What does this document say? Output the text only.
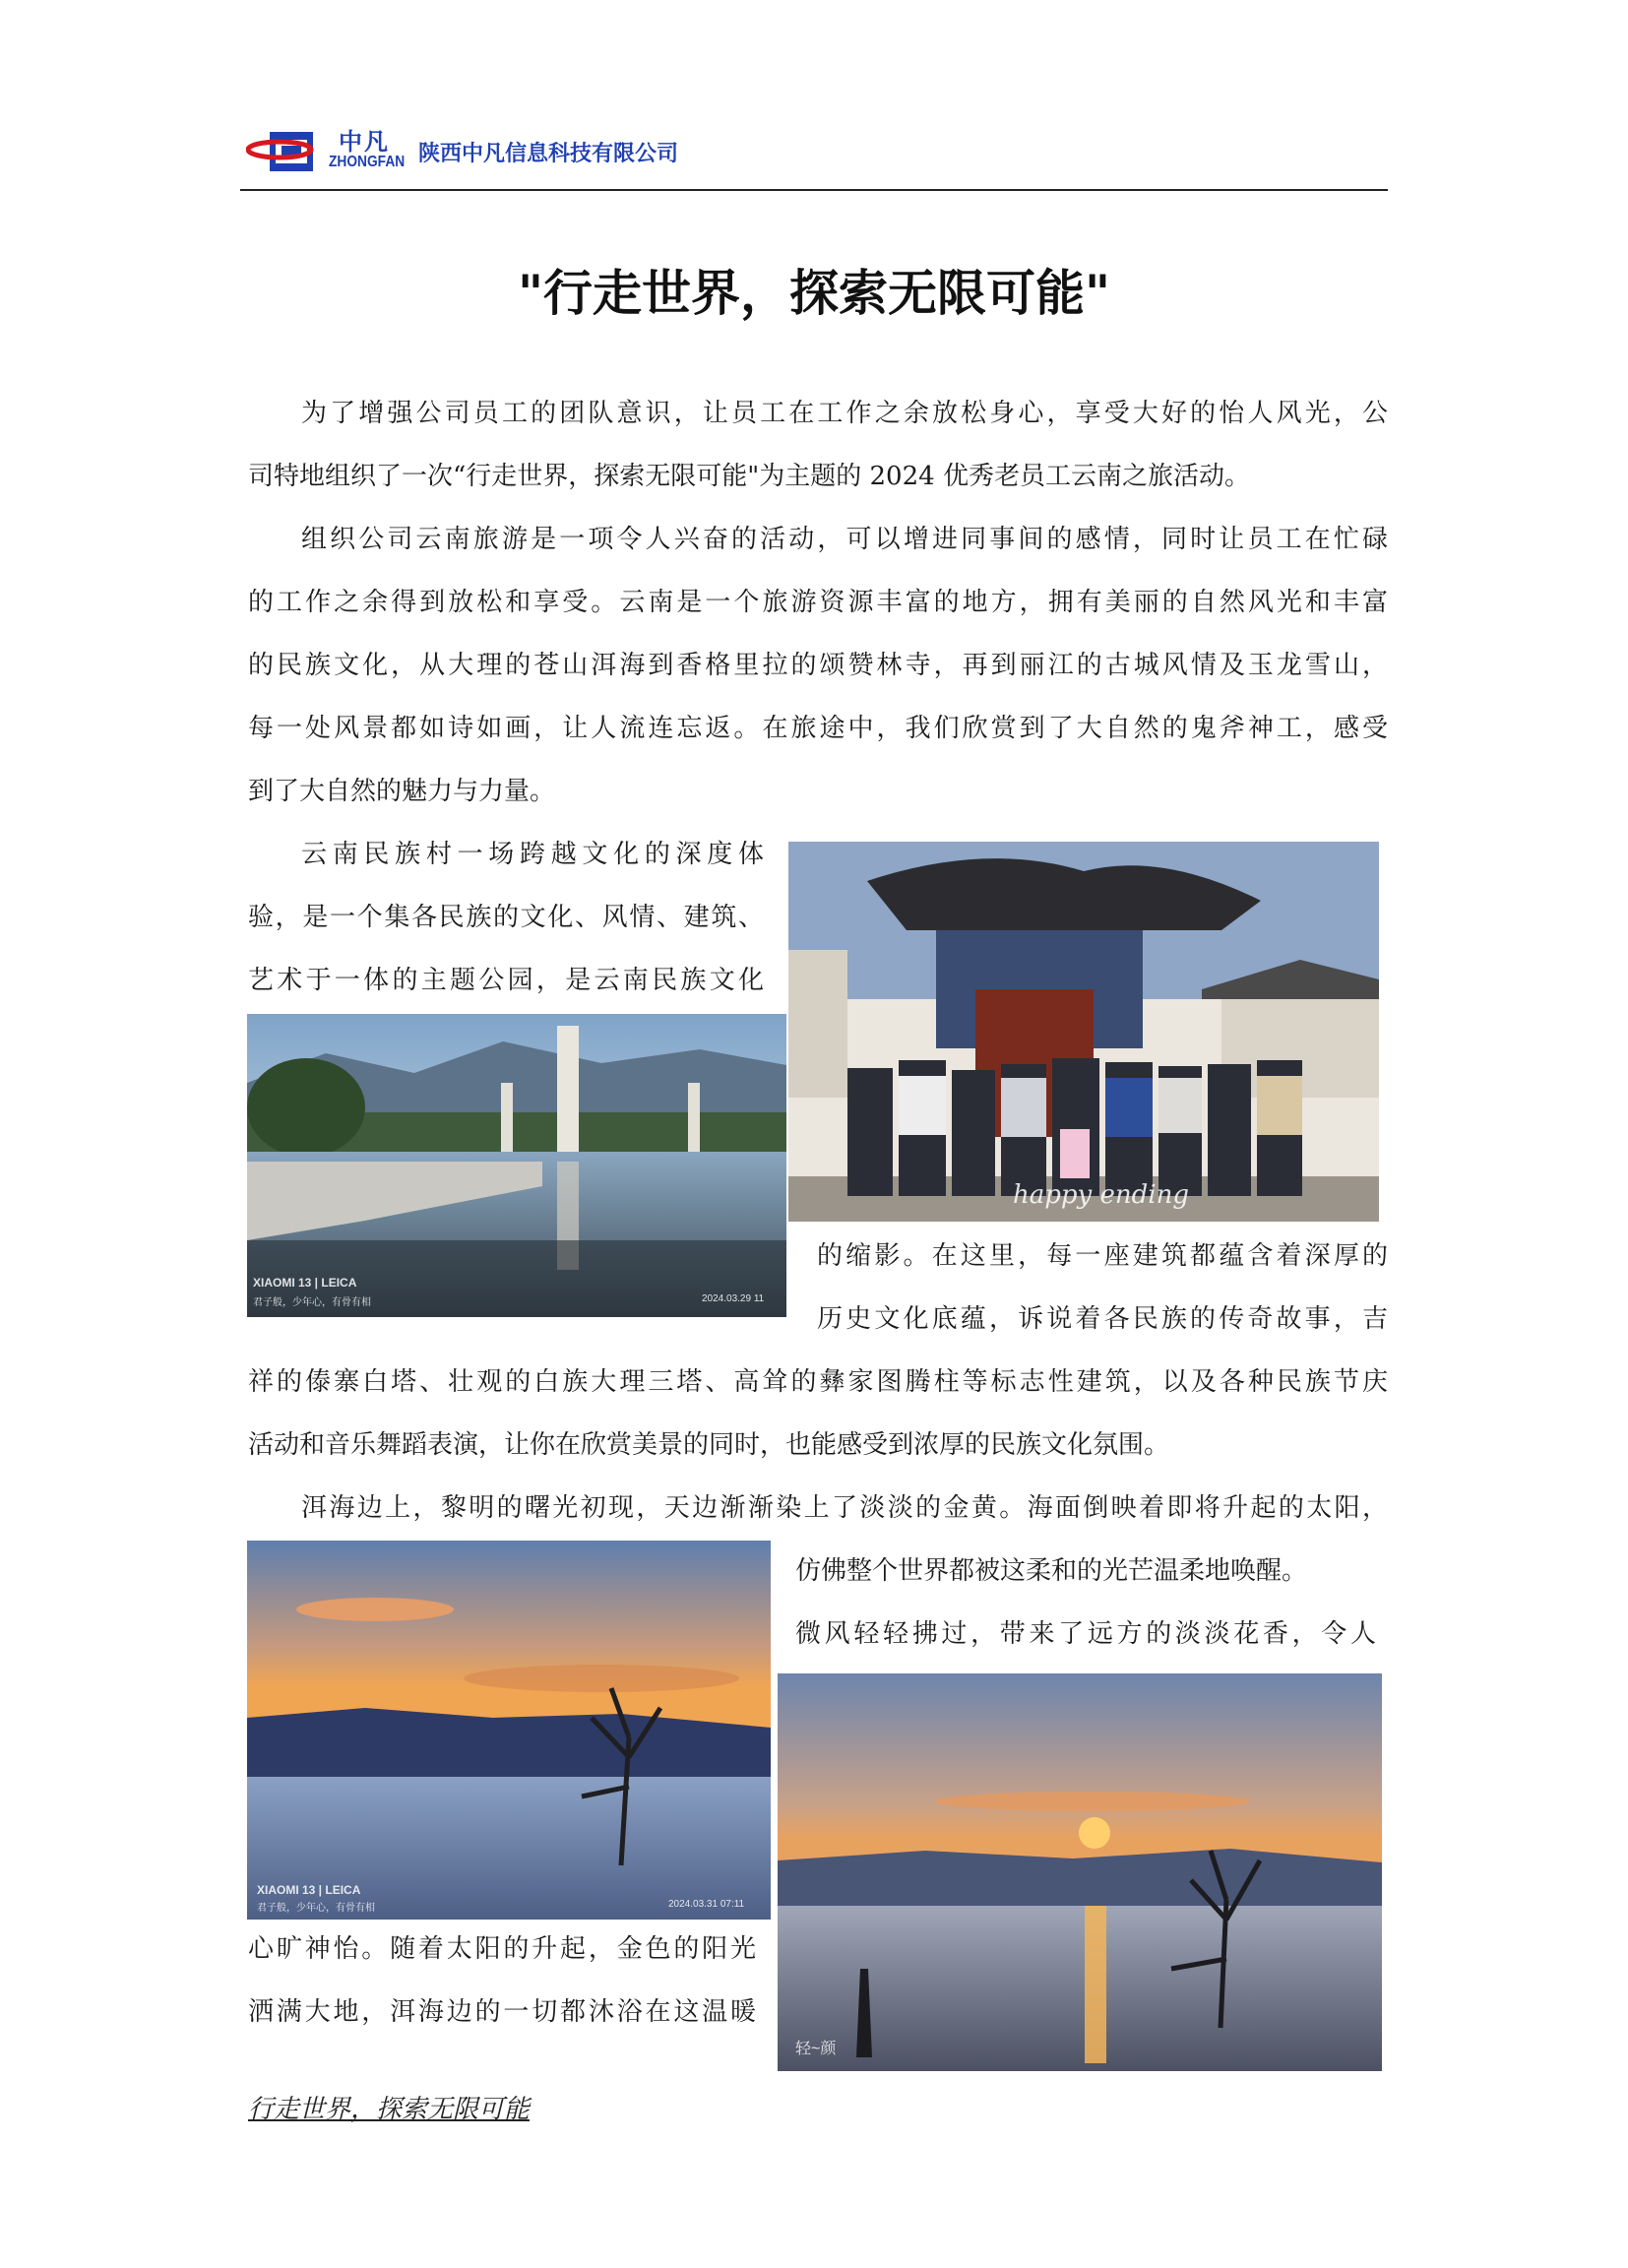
中凡
ZHONGFAN 陕西中凡信息科技有限公司
"行走世界，探索无限可能"
为了增强公司员工的团队意识，让员工在工作之余放松身心，享受大好的怡人风光，公
司特地组织了一次“行走世界，探索无限可能"为主题的 2024 优秀老员工云南之旅活动。
组织公司云南旅游是一项令人兴奋的活动，可以增进同事间的感情，同时让员工在忙碌
的工作之余得到放松和享受。云南是一个旅游资源丰富的地方，拥有美丽的自然风光和丰富
的民族文化，从大理的苍山洱海到香格里拉的颂赞林寺，再到丽江的古城风情及玉龙雪山，
每一处风景都如诗如画，让人流连忘返。在旅途中，我们欣赏到了大自然的鬼斧神工，感受
到了大自然的魅力与力量。
云南民族村一场跨越文化的深度体
验，是一个集各民族的文化、风情、建筑、
艺术于一体的主题公园，是云南民族文化
XIAOMI 13 | LEICA
君子般，少年心，有骨有相	2024.03.29 11
happy ending
的缩影。在这里，每一座建筑都蕴含着深厚的
历史文化底蕴，诉说着各民族的传奇故事，吉
祥的傣寨白塔、壮观的白族大理三塔、高耸的彝家图腾柱等标志性建筑，以及各种民族节庆
活动和音乐舞蹈表演，让你在欣赏美景的同时，也能感受到浓厚的民族文化氛围。
洱海边上，黎明的曙光初现，天边渐渐染上了淡淡的金黄。海面倒映着即将升起的太阳，
XIAOMI 13 | LEICA
君子般，少年心，有骨有相	2024.03.31 07:11
仿佛整个世界都被这柔和的光芒温柔地唤醒。
微风轻轻拂过，带来了远方的淡淡花香，令人
轻~颜
心旷神怡。随着太阳的升起，金色的阳光
洒满大地，洱海边的一切都沐浴在这温暖
行走世界，探索无限可能
